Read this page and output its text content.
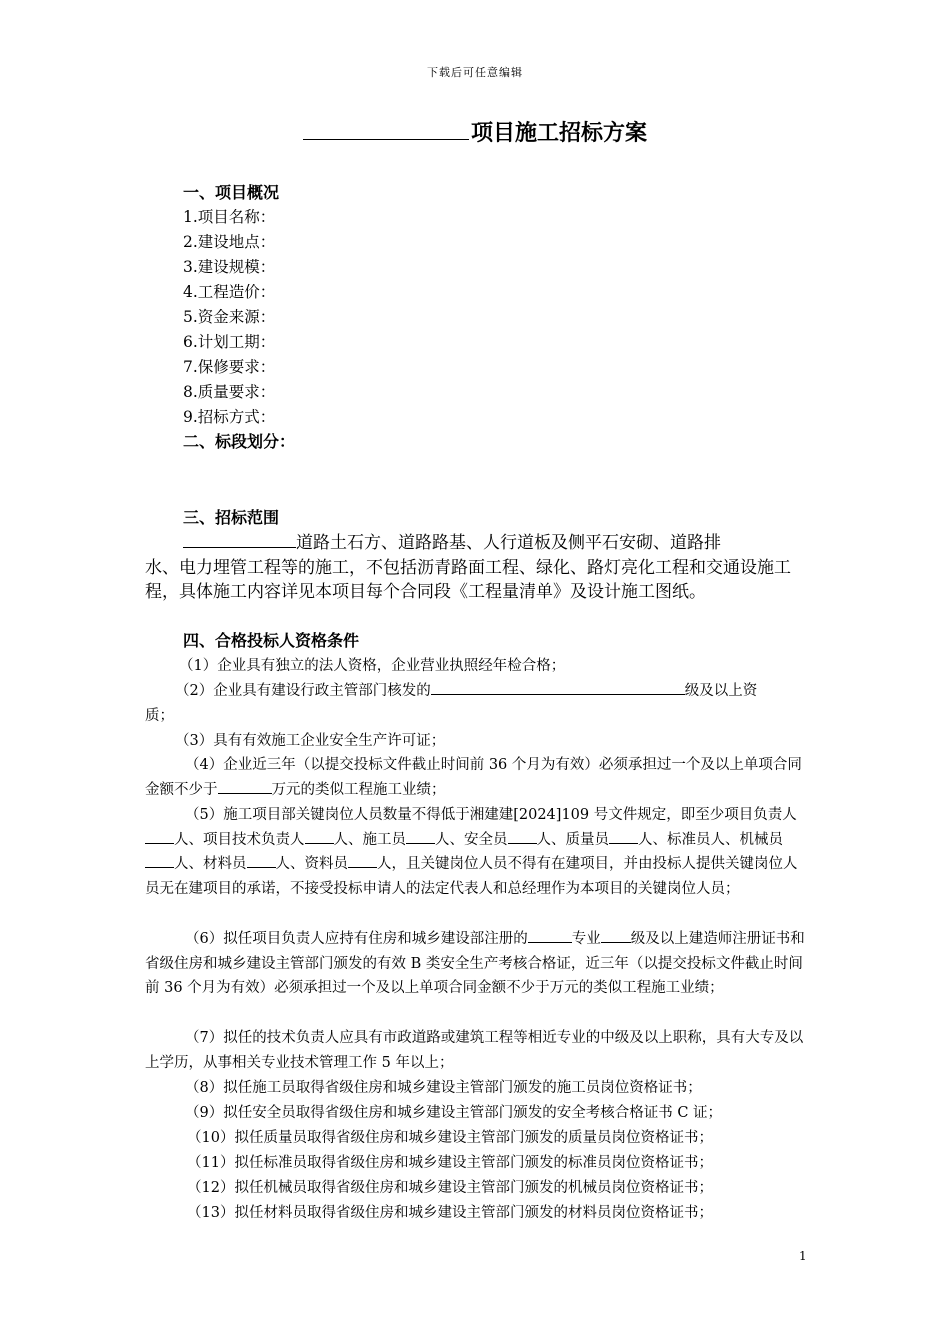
下载后可任意编辑
项目施工招标方案
一、项目概况
1.项目名称：
2.建设地点：
3.建设规模：
4.工程造价：
5.资金来源：
6.计划工期：
7.保修要求：
8.质量要求：
9.招标方式：
二、标段划分：
三、招标范围
道路土石方、道路路基、人行道板及侧平石安砌、道路排
水、电力埋管工程等的施工，不包括沥青路面工程、绿化、路灯亮化工程和交通设施工程，具体施工内容详见本项目每个合同段《工程量清单》及设计施工图纸。
四、合格投标人资格条件
（1）企业具有独立的法人资格，企业营业执照经年检合格；
（2）企业具有建设行政主管部门核发的	级及以上资
质；
（3）具有有效施工企业安全生产许可证；
（4）企业近三年（以提交投标文件截止时间前 36 个月为有效）必须承担过一个及以上单项合同金额不少于	万元的类似工程施工业绩；
（5）施工项目部关键岗位人员数量不得低于湘建建[2024]109 号文件规定，即至少项目负责人人、项目技术负责人 人、施工员 人、安全员 人、质量员 人、标准员人、机械员人、材料员 人、资料员 人，且关键岗位人员不得有在建项目，并由投标人提供关键岗位人员无在建项目的承诺，不接受投标申请人的法定代表人和总经理作为本项目的关键岗位人员；
（6）拟任项目负责人应持有住房和城乡建设部注册的	专业 级及以上建造师注册证书和省级住房和城乡建设主管部门颁发的有效 B 类安全生产考核合格证，近三年（以提交投标文件截止时间前 36 个月为有效）必须承担过一个及以上单项合同金额不少于万元的类似工程施工业绩；
（7）拟任的技术负责人应具有市政道路或建筑工程等相近专业的中级及以上职称，具有大专及以上学历，从事相关专业技术管理工作 5 年以上；
（8）拟任施工员取得省级住房和城乡建设主管部门颁发的施工员岗位资格证书；
（9）拟任安全员取得省级住房和城乡建设主管部门颁发的安全考核合格证书 C 证；
（10）拟任质量员取得省级住房和城乡建设主管部门颁发的质量员岗位资格证书；
（11）拟任标准员取得省级住房和城乡建设主管部门颁发的标准员岗位资格证书；
（12）拟任机械员取得省级住房和城乡建设主管部门颁发的机械员岗位资格证书；
（13）拟任材料员取得省级住房和城乡建设主管部门颁发的材料员岗位资格证书；
1
